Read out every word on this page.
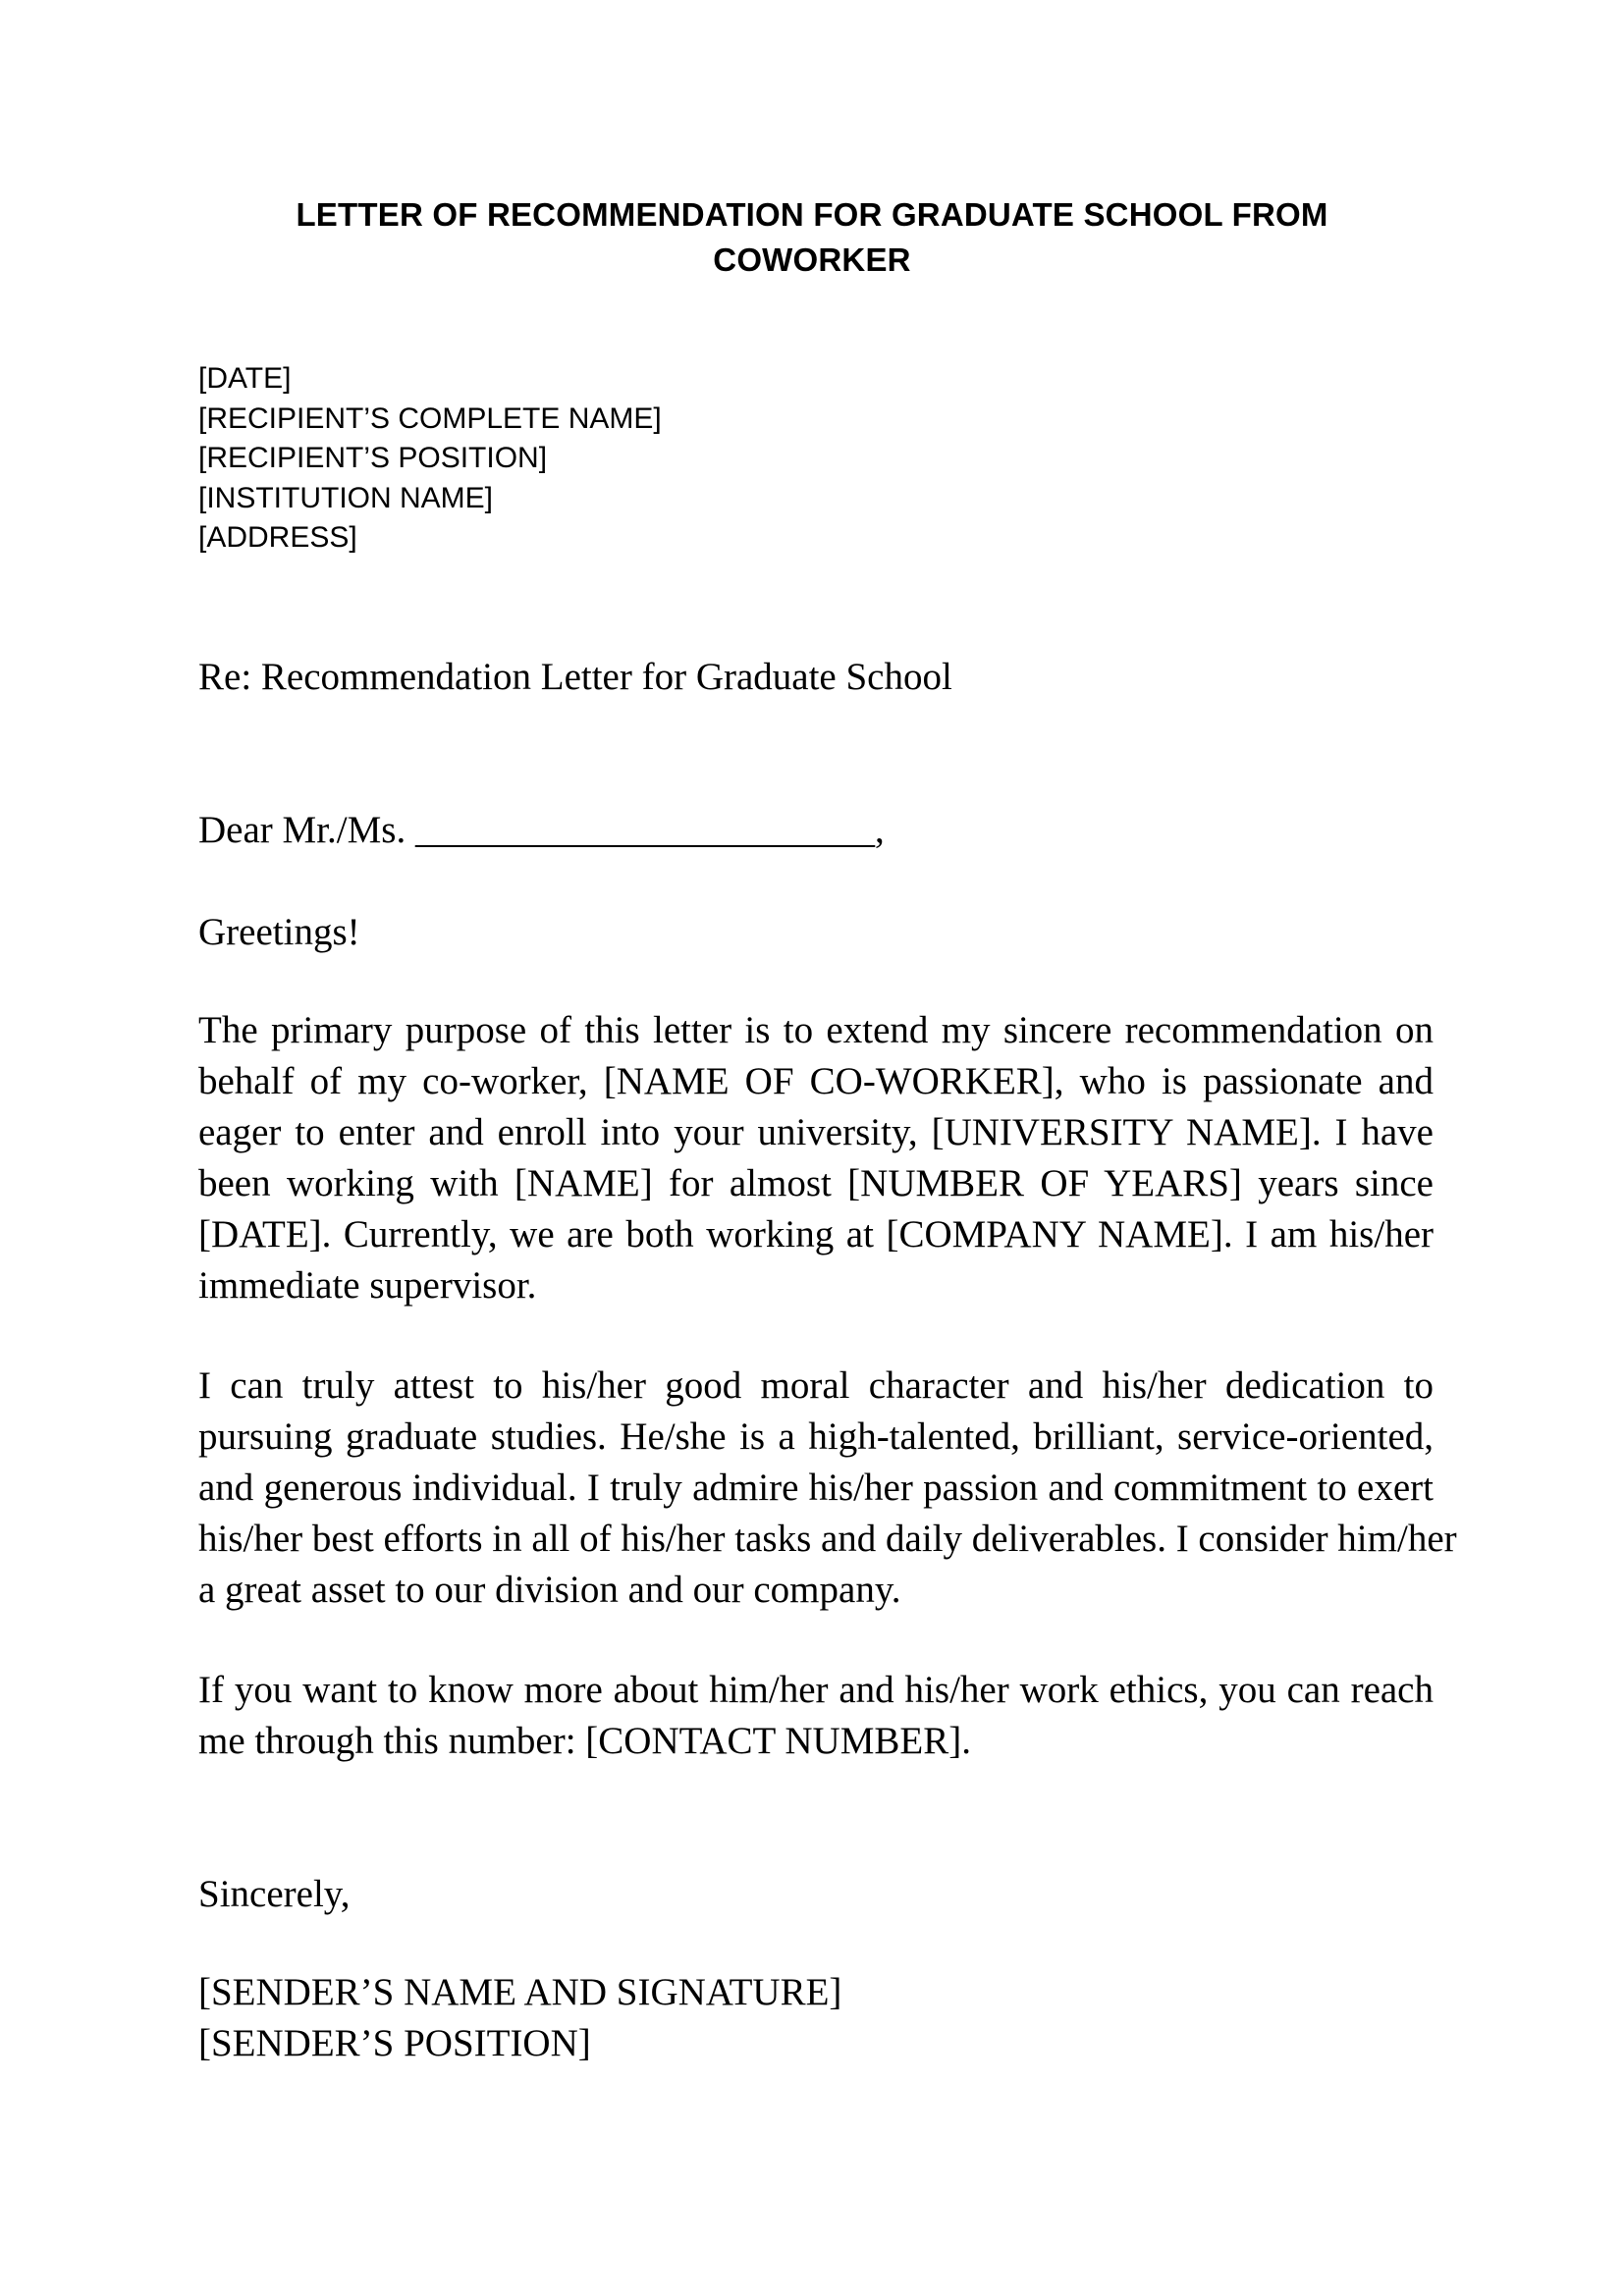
LETTER OF RECOMMENDATION FOR GRADUATE SCHOOL FROM
COWORKER
[DATE]
[RECIPIENT’S COMPLETE NAME]
[RECIPIENT’S POSITION]
[INSTITUTION NAME]
[ADDRESS]
Re: Recommendation Letter for Graduate School
Dear Mr./Ms. ________________________,
Greetings!
The primary purpose of this letter is to extend my sincere recommendation on
behalf of my co-worker, [NAME OF CO-WORKER], who is passionate and
eager to enter and enroll into your university, [UNIVERSITY NAME]. I have
been working with [NAME] for almost [NUMBER OF YEARS] years since
[DATE]. Currently, we are both working at [COMPANY NAME]. I am his/her
immediate supervisor.
I can truly attest to his/her good moral character and his/her dedication to
pursuing graduate studies. He/she is a high-talented, brilliant, service-oriented,
and generous individual. I truly admire his/her passion and commitment to exert
his/her best efforts in all of his/her tasks and daily deliverables. I consider him/her
a great asset to our division and our company.
If you want to know more about him/her and his/her work ethics, you can reach
me through this number: [CONTACT NUMBER].
Sincerely,
[SENDER’S NAME AND SIGNATURE]
[SENDER’S POSITION]
